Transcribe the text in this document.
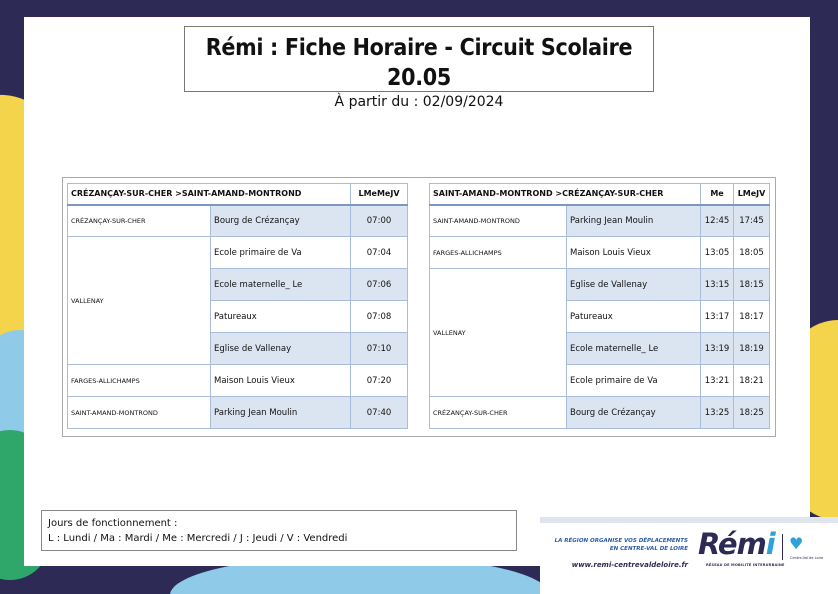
Rémi : Fiche Horaire - Circuit Scolaire 20.05
À partir du : 02/09/2024
CRÉZANÇAY-SUR-CHER >SAINT-AMAND-MONTROND		LMeMeJV
CRÉZANÇAY-SUR-CHER	Bourg de Crézançay	07:00
VALLENAY	Ecole primaire de Va	07:04
	Ecole maternelle_ Le	07:06
	Patureaux	07:08
	Eglise de Vallenay	07:10
FARGES-ALLICHAMPS	Maison Louis Vieux	07:20
SAINT-AMAND-MONTROND	Parking Jean Moulin	07:40
SAINT-AMAND-MONTROND >CRÉZANÇAY-SUR-CHER		Me	LMeJV
SAINT-AMAND-MONTROND	Parking Jean Moulin	12:45	17:45
FARGES-ALLICHAMPS	Maison Louis Vieux	13:05	18:05
VALLENAY	Eglise de Vallenay	13:15	18:15
	Patureaux	13:17	18:17
	Ecole maternelle_ Le	13:19	18:19
	Ecole primaire de Va	13:21	18:21
CRÉZANÇAY-SUR-CHER	Bourg de Crézançay	13:25	18:25
Jours de fonctionnement :
L : Lundi / Ma : Mardi / Me : Mercredi / J : Jeudi / V : Vendredi	LA RÉGION ORGANISE VOS DÉPLACEMENTS
EN CENTRE-VAL DE LOIRE
www.remi-centrevaldeloire.fr
Rémi ♥
Centre-Val de Loire
RÉSEAU DE MOBILITÉ INTERURBAINE
